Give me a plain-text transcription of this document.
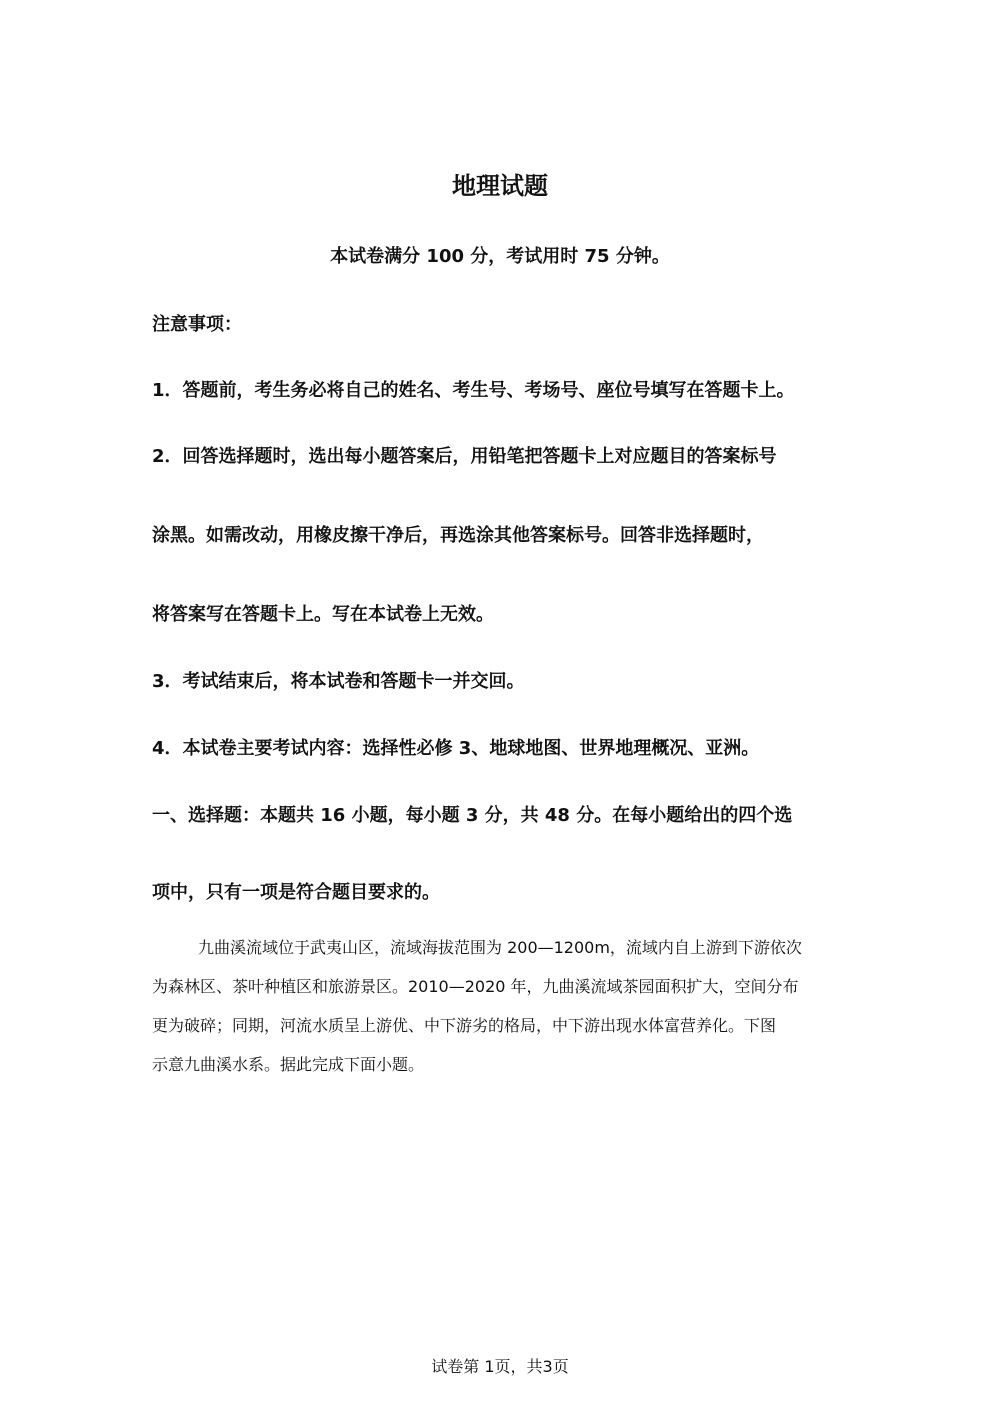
地理试题
本试卷满分 100 分，考试用时 75 分钟。
注意事项：
1．答题前，考生务必将自己的姓名、考生号、考场号、座位号填写在答题卡上。
2．回答选择题时，选出每小题答案后，用铅笔把答题卡上对应题目的答案标号
涂黑。如需改动，用橡皮擦干净后，再选涂其他答案标号。回答非选择题时，
将答案写在答题卡上。写在本试卷上无效。
3．考试结束后，将本试卷和答题卡一并交回。
4．本试卷主要考试内容：选择性必修 3、地球地图、世界地理概况、亚洲。
一、选择题：本题共 16 小题，每小题 3 分，共 48 分。在每小题给出的四个选
项中，只有一项是符合题目要求的。
九曲溪流域位于武夷山区，流域海拔范围为 200—1200m，流域内自上游到下游依次
为森林区、茶叶种植区和旅游景区。2010—2020 年，九曲溪流域茶园面积扩大，空间分布
更为破碎；同期，河流水质呈上游优、中下游劣的格局，中下游出现水体富营养化。下图
示意九曲溪水系。据此完成下面小题。
试卷第 1页，共3页
